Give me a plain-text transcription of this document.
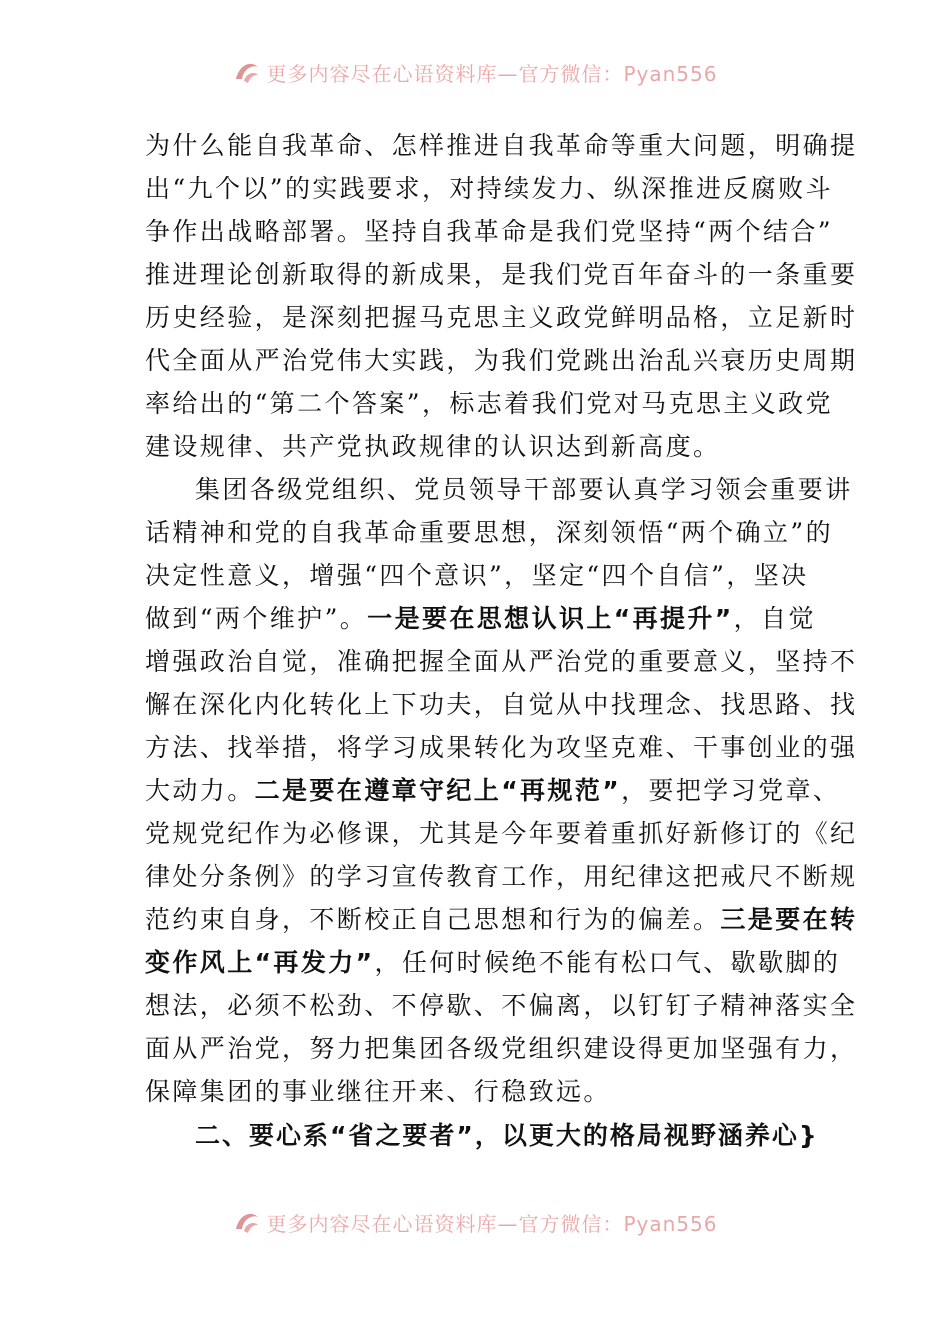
更多内容尽在心语资料库—官方微信：Pyan556
为什么能自我革命、怎样推进自我革命等重大问题，明确提
出“九个以”的实践要求，对持续发力、纵深推进反腐败斗
争作出战略部署。坚持自我革命是我们党坚持“两个结合”
推进理论创新取得的新成果，是我们党百年奋斗的一条重要
历史经验，是深刻把握马克思主义政党鲜明品格，立足新时
代全面从严治党伟大实践，为我们党跳出治乱兴衰历史周期
率给出的“第二个答案”，标志着我们党对马克思主义政党
建设规律、共产党执政规律的认识达到新高度。
集团各级党组织、党员领导干部要认真学习领会重要讲
话精神和党的自我革命重要思想，深刻领悟“两个确立”的
决定性意义，增强“四个意识”，坚定“四个自信”，坚决
做到“两个维护”。一是要在思想认识上“再提升”，自觉
增强政治自觉，准确把握全面从严治党的重要意义，坚持不
懈在深化内化转化上下功夫，自觉从中找理念、找思路、找
方法、找举措，将学习成果转化为攻坚克难、干事创业的强
大动力。二是要在遵章守纪上“再规范”，要把学习党章、
党规党纪作为必修课，尤其是今年要着重抓好新修订的《纪
律处分条例》的学习宣传教育工作，用纪律这把戒尺不断规
范约束自身，不断校正自己思想和行为的偏差。三是要在转
变作风上“再发力”，任何时候绝不能有松口气、歇歇脚的
想法，必须不松劲、不停歇、不偏离，以钉钉子精神落实全
面从严治党，努力把集团各级党组织建设得更加坚强有力，
保障集团的事业继往开来、行稳致远。
二、要心系“省之要者”，以更大的格局视野涵养心}
更多内容尽在心语资料库—官方微信：Pyan556
